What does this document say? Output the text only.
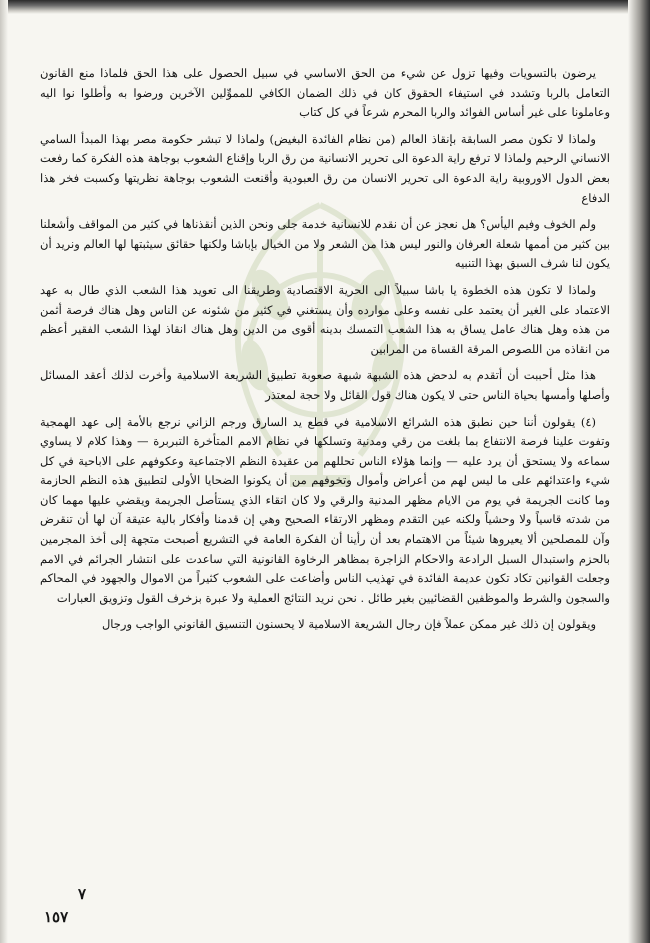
يرضون بالتسويات وفيها تزول عن شيء من الحق الاساسي في سبيل الحصول على هذا الحق فلماذا منع القانون التعامل بالربا وتشدد في استيفاء الحقوق كان في ذلك الضمان الكافي للمموِّلين الآخرين ورضوا به وأطلوا نوا اليه وعاملونا على غير أساس الفوائد والربا المحرم شرعاً في كل كتاب

ولماذا لا تكون مصر السابقة بإنقاذ العالم (من نظام الفائدة البغيض) ولماذا لا تبشر حكومة مصر بهذا المبدأ السامي الانساني الرحيم ولماذا لا ترفع راية الدعوة الى تحرير الانسانية من رق الربا وإقناع الشعوب بوجاهة هذه الفكرة كما رفعت بعض الدول الاوروبية راية الدعوة الى تحرير الانسان من رق العبودية وأقنعت الشعوب بوجاهة نظريتها وكسبت فخر هذا الدفاع

ولم الخوف وفيم اليأس؟ هل نعجز عن أن نقدم للانسانية خدمة جلى ونحن الذين أنقذناها في كثير من المواقف وأشعلنا بين كثير من أممها شعلة العرفان والنور ليس هذا من الشعر ولا من الخيال بإباشا ولكنها حقائق سيثبتها لها العالم ونريد أن يكون لنا شرف السبق بهذا التنبيه

ولماذا لا تكون هذه الخطوة يا باشا سبيلاً الى الحرية الاقتصادية وطريقنا الى تعويد هذا الشعب الذي طال به عهد الاعتماد على الغير أن يعتمد على نفسه وعلى موارده وأن يستغني في كثير من شئونه عن الناس وهل هناك فرصة أثمن من هذه وهل هناك عامل يساق به هذا الشعب التمسك بدينه أقوى من الدين وهل هناك انقاذ لهذا الشعب الفقير أعظم من انقاذه من اللصوص المرقة القساة من المرابين

هذا مثل أحببت أن أتقدم به لدحض هذه الشبهة شبهة صعوبة تطبيق الشريعة الاسلامية وأخرت لذلك أعقد المسائل وأصلها وأمسها بحياة الناس حتى لا يكون هناك قول القائل ولا حجة لمعتذر

(٤) يقولون أننا حين نطبق هذه الشرائع الاسلامية في قطع يد السارق ورجم الزاني نرجع بالأمة إلى عهد الهمجية وتفوت علينا فرصة الانتفاع بما بلغت من رقي ومدنية وتسلكها في نظام الامم المتأخرة التبربرة — وهذا كلام لا يساوي سماعه ولا يستحق أن يرد عليه — وإنما هؤلاء الناس تحللهم من عقيدة النظم الاجتماعية وعكوفهم على الاباحية في كل شيء واعتدائهم على ما ليس لهم من أعراض وأموال وتخوفهم من أن يكونوا الضحايا الأولى لتطبيق هذه النظم الحازمة وما كانت الجريمة في يوم من الايام مظهر المدنية والرقي ولا كان اتقاء الذي يستأصل الجريمة ويقضي عليها مهما كان من شدته قاسياً ولا وحشياً ولكنه عين التقدم ومظهر الارتقاء الصحيح وهي إن قدمنا وأفكار بالية عتيقة آن لها أن تنقرض وآن للمصلحين ألا يعيروها شيئاً من الاهتمام بعد أن رأينا أن الفكرة العامة في التشريع أصبحت متجهة إلى أخذ المجرمين بالحزم واستبدال السبل الرادعة والاحكام الزاجرة بمظاهر الرخاوة القانونية التي ساعدت على انتشار الجرائم في الامم وجعلت القوانين تكاد تكون عديمة الفائدة في تهذيب الناس وأضاعت على الشعوب كثيراً من الاموال والجهود في المحاكم والسجون والشرط والموظفين القضائيين بغير طائل . نحن نريد النتائج العملية ولا عبرة بزخرف القول وتزويق العبارات

ويقولون إن ذلك غير ممكن عملاً فإن رجال الشريعة الاسلامية لا يحسنون التنسيق القانوني الواجب ورجال

٧
١٥٧
